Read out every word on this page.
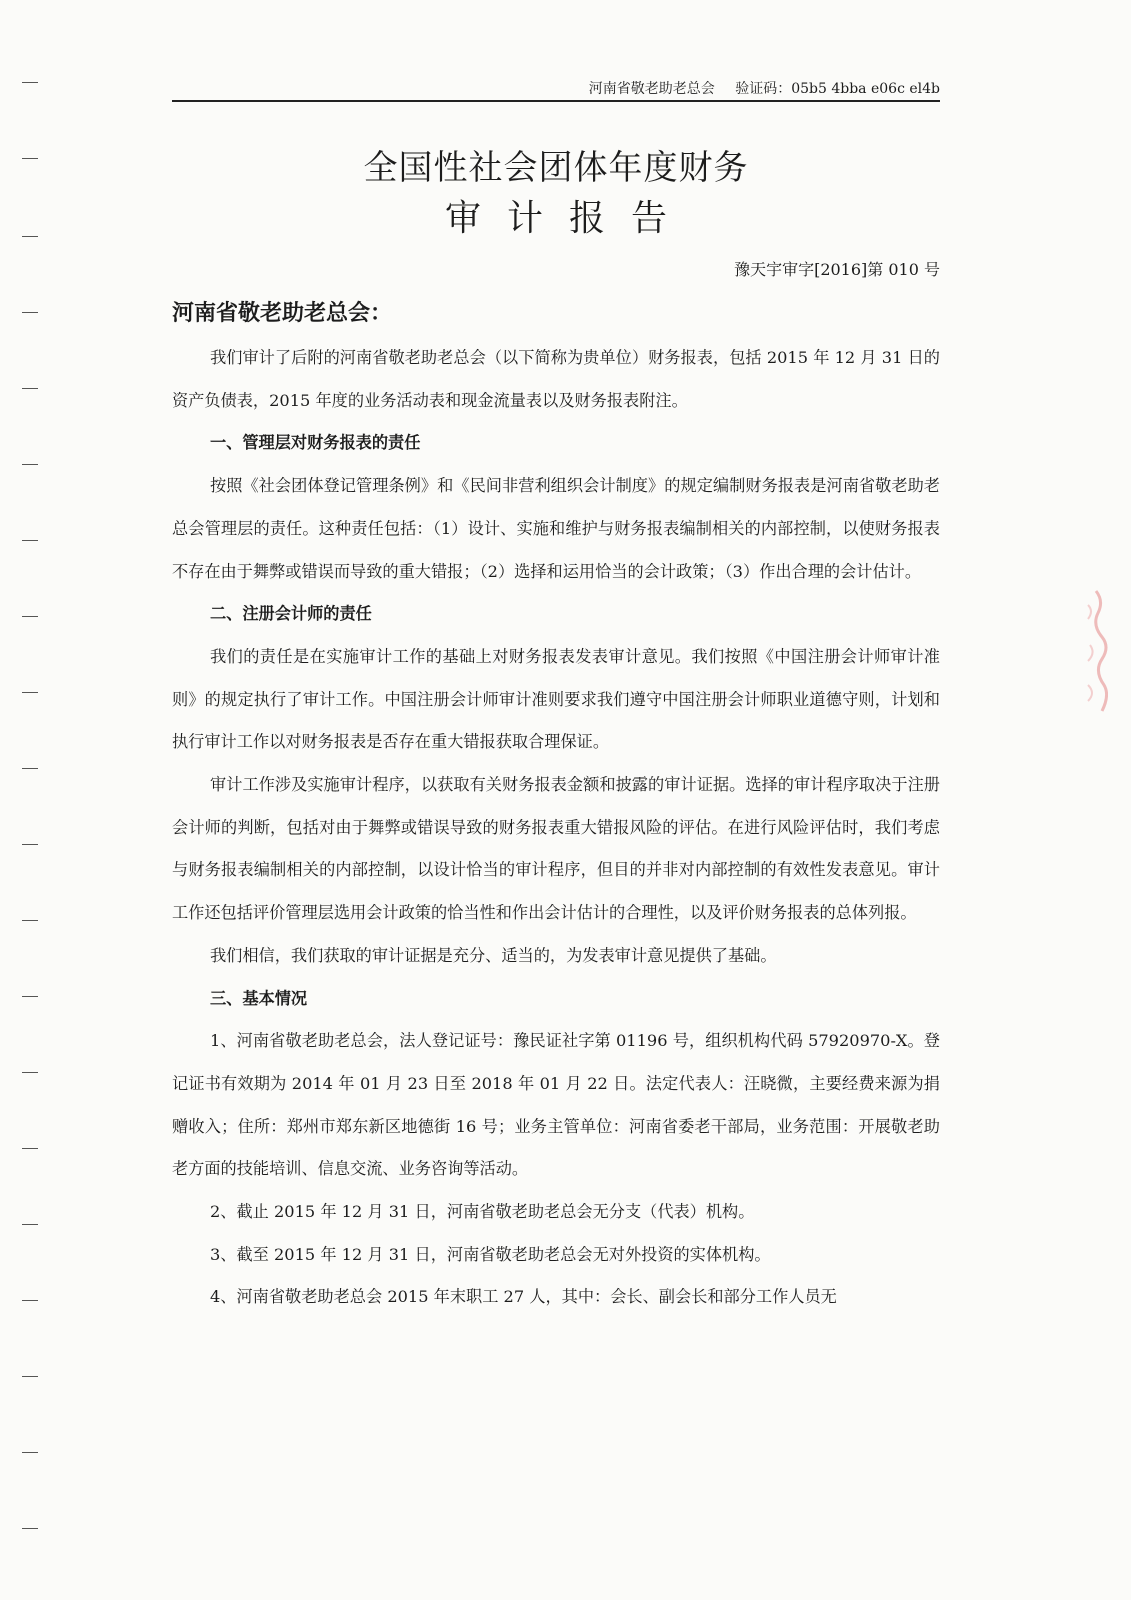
河南省敬老助老总会 验证码：05b5 4bba e06c el4b
全国性社会团体年度财务
审计报告
豫天宇审字[2016]第 010 号
河南省敬老助老总会：

我们审计了后附的河南省敬老助老总会（以下简称为贵单位）财务报表，包括 2015 年 12 月 31 日的资产负债表，2015 年度的业务活动表和现金流量表以及财务报表附注。

一、管理层对财务报表的责任

按照《社会团体登记管理条例》和《民间非营利组织会计制度》的规定编制财务报表是河南省敬老助老总会管理层的责任。这种责任包括：（1）设计、实施和维护与财务报表编制相关的内部控制，以使财务报表不存在由于舞弊或错误而导致的重大错报；（2）选择和运用恰当的会计政策；（3）作出合理的会计估计。

二、注册会计师的责任

我们的责任是在实施审计工作的基础上对财务报表发表审计意见。我们按照《中国注册会计师审计准则》的规定执行了审计工作。中国注册会计师审计准则要求我们遵守中国注册会计师职业道德守则，计划和执行审计工作以对财务报表是否存在重大错报获取合理保证。

审计工作涉及实施审计程序，以获取有关财务报表金额和披露的审计证据。选择的审计程序取决于注册会计师的判断，包括对由于舞弊或错误导致的财务报表重大错报风险的评估。在进行风险评估时，我们考虑与财务报表编制相关的内部控制，以设计恰当的审计程序，但目的并非对内部控制的有效性发表意见。审计工作还包括评价管理层选用会计政策的恰当性和作出会计估计的合理性，以及评价财务报表的总体列报。

我们相信，我们获取的审计证据是充分、适当的，为发表审计意见提供了基础。

三、基本情况

1、河南省敬老助老总会，法人登记证号：豫民证社字第 01196 号，组织机构代码 57920970-X。登记证书有效期为 2014 年 01 月 23 日至 2018 年 01 月 22 日。法定代表人：汪晓微，主要经费来源为捐赠收入；住所：郑州市郑东新区地德街 16 号；业务主管单位：河南省委老干部局，业务范围：开展敬老助老方面的技能培训、信息交流、业务咨询等活动。

2、截止 2015 年 12 月 31 日，河南省敬老助老总会无分支（代表）机构。

3、截至 2015 年 12 月 31 日，河南省敬老助老总会无对外投资的实体机构。

4、河南省敬老助老总会 2015 年末职工 27 人，其中：会长、副会长和部分工作人员无
